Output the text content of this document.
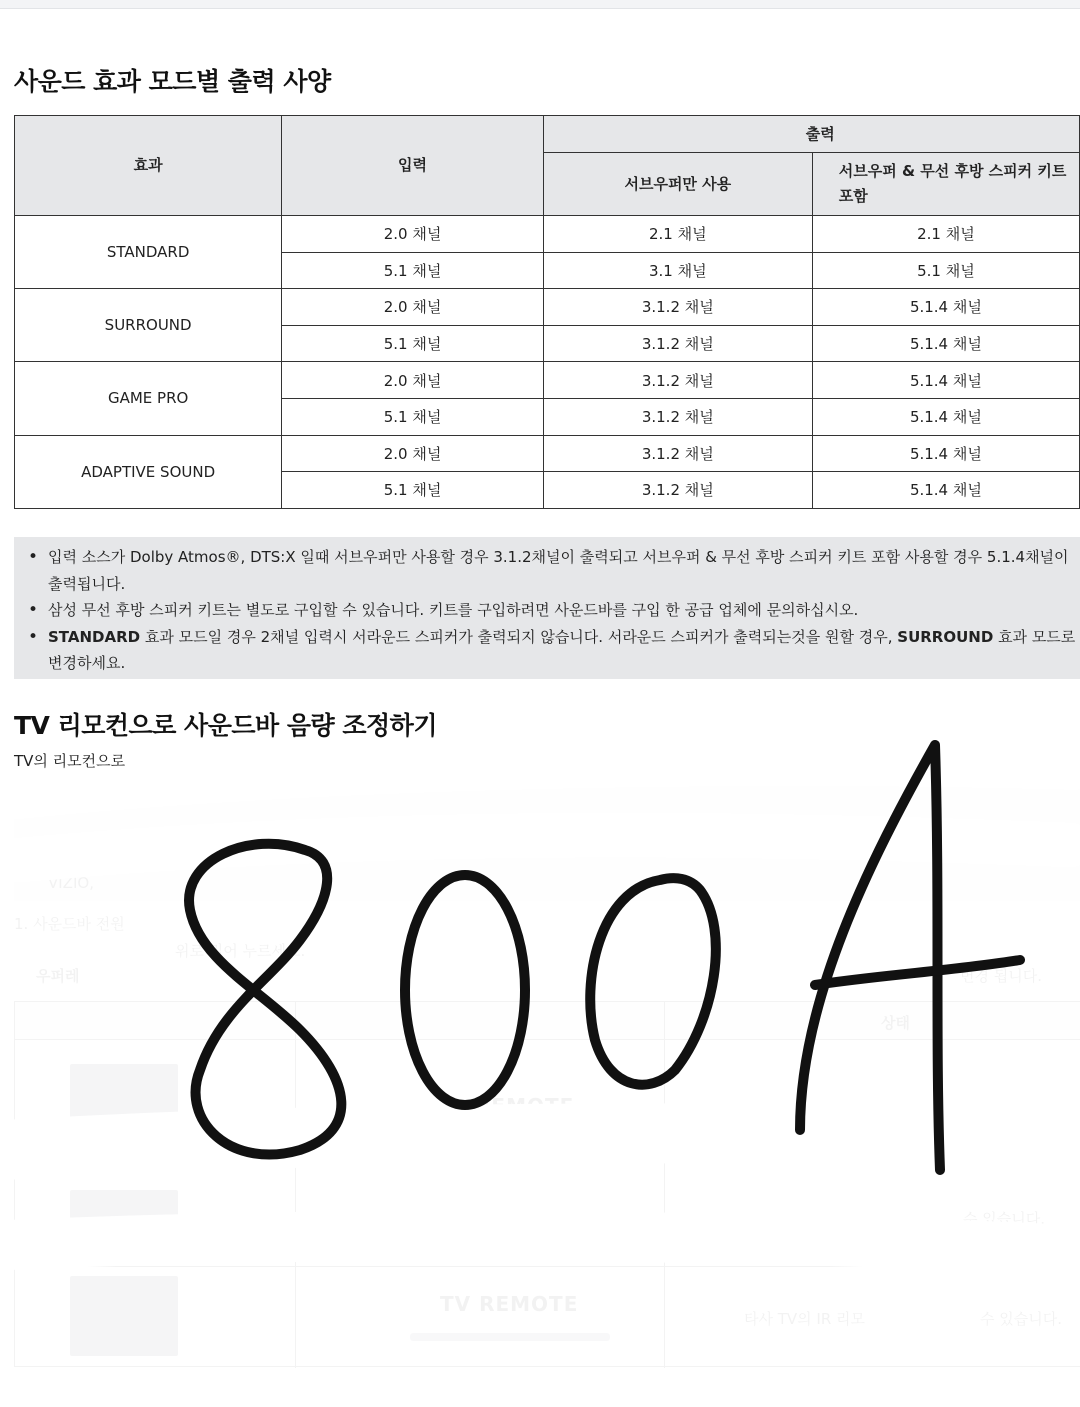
사운드 효과 모드별 출력 사양
효과	입력	출력	
		서브우퍼만 사용	서브우퍼 & 무선 후방 스피커 키트 포함
STANDARD	2.0 채널	2.1 채널	2.1 채널
	5.1 채널	3.1 채널	5.1 채널
SURROUND	2.0 채널	3.1.2 채널	5.1.4 채널
	5.1 채널	3.1.2 채널	5.1.4 채널
GAME PRO	2.0 채널	3.1.2 채널	5.1.4 채널
	5.1 채널	3.1.2 채널	5.1.4 채널
ADAPTIVE SOUND	2.0 채널	3.1.2 채널	5.1.4 채널
	5.1 채널	3.1.2 채널	5.1.4 채널
• 입력 소스가 Dolby Atmos®, DTS:X 일때 서브우퍼만 사용할 경우 3.1.2채널이 출력되고 서브우퍼 & 무선 후방 스피커 키트 포함 사용할 경우 5.1.4채널이 출력됩니다.
• 삼성 무선 후방 스피커 키트는 별도로 구입할 수 있습니다. 키트를 구입하려면 사운드바를 구입 한 공급 업체에 문의하십시오.
• STANDARD 효과 모드일 경우 2채널 입력시 서라운드 스피커가 출력되지 않습니다. 서라운드 스피커가 출력되는것을 원할 경우, SURROUND 효과 모드로 변경하세요.
TV 리모컨으로 사운드바 음량 조정하기
TV의 리모컨으로
